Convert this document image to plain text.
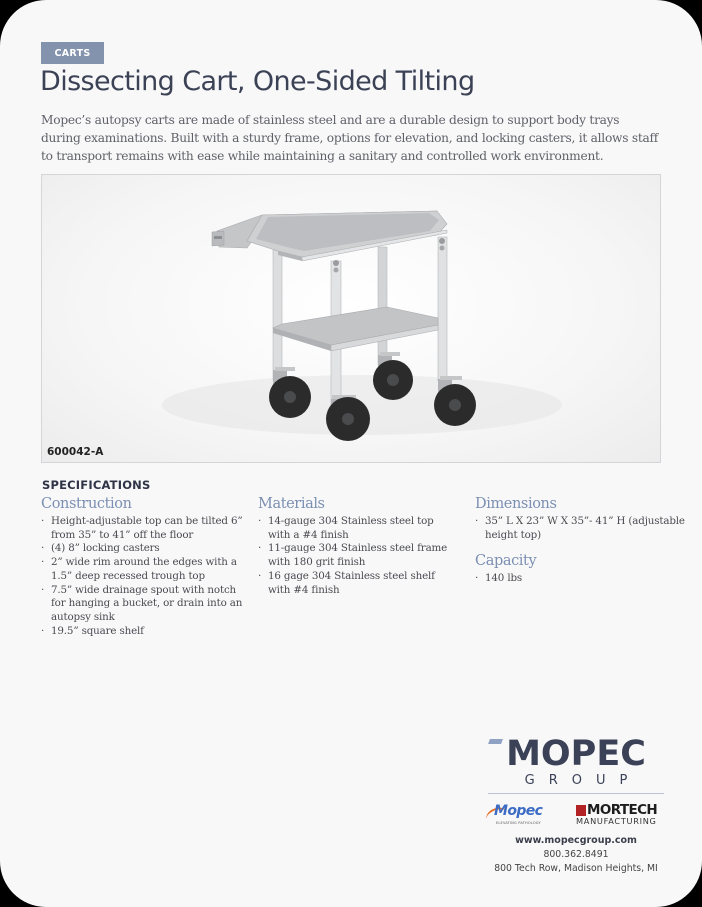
CARTS
Dissecting Cart, One-Sided Tilting

Mopec’s autopsy carts are made of stainless steel and are a durable design to support body trays during examinations. Built with a sturdy frame, options for elevation, and locking casters, it allows staff to transport remains with ease while maintaining a sanitary and controlled work environment.

600042-A
SPECIFICATIONS
Construction
· Height-adjustable top can be tilted 6” from 35” to 41” off the floor
· (4) 8” locking casters
· 2” wide rim around the edges with a 1.5” deep recessed trough top
· 7.5” wide drainage spout with notch for hanging a bucket, or drain into an autopsy sink
· 19.5” square shelf
Materials
· 14-gauge 304 Stainless steel top with a #4 finish
· 11-gauge 304 Stainless steel frame with 180 grit finish
· 16 gage 304 Stainless steel shelf with #4 finish
Dimensions
· 35” L X 23” W X 35”- 41” H (adjustable height top)
Capacity
· 140 lbs
MOPEC
GROUP
Mopec
ELEVATING PATHOLOGY
MORTECH
MANUFACTURING
www.mopecgroup.com
800.362.8491
800 Tech Row, Madison Heights, MI
